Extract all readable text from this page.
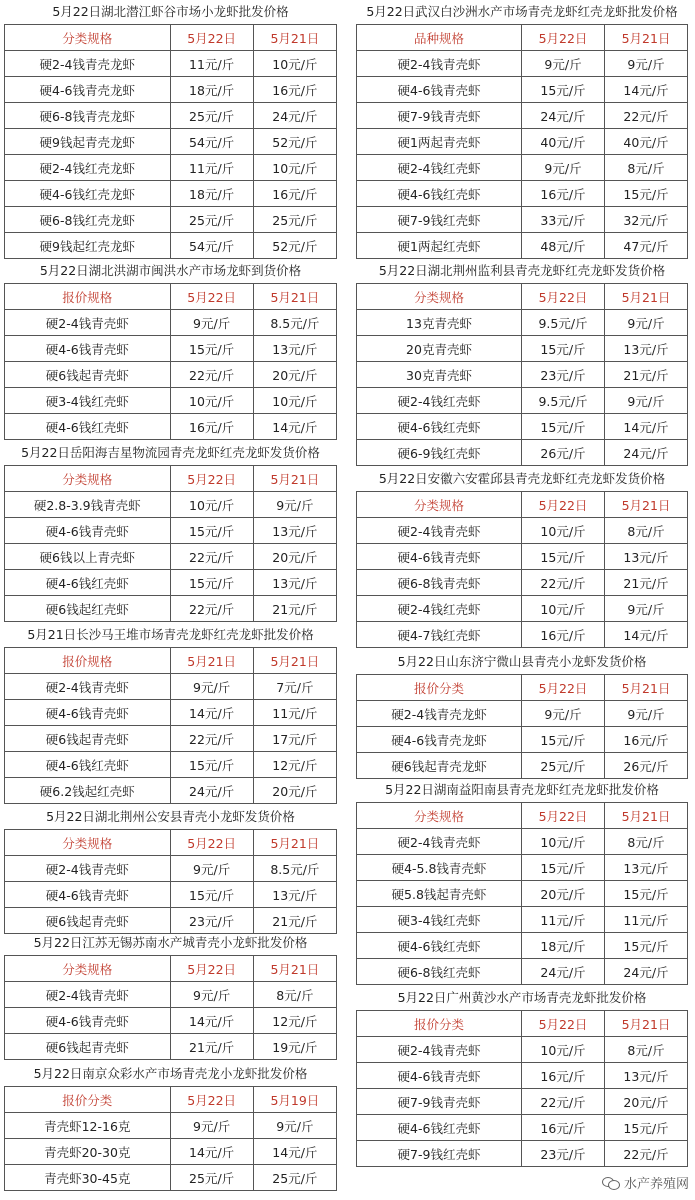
5月22日湖北潜江虾谷市场小龙虾批发价格
分类规格	5月22日	5月21日
硬2-4钱青壳龙虾	11元/斤	10元/斤
硬4-6钱青壳龙虾	18元/斤	16元/斤
硬6-8钱青壳龙虾	25元/斤	24元/斤
硬9钱起青壳龙虾	54元/斤	52元/斤
硬2-4钱红壳龙虾	11元/斤	10元/斤
硬4-6钱红壳龙虾	18元/斤	16元/斤
硬6-8钱红壳龙虾	25元/斤	25元/斤
硬9钱起红壳龙虾	54元/斤	52元/斤
5月22日湖北洪湖市闽洪水产市场龙虾到货价格
报价规格	5月22日	5月21日
硬2-4钱青壳虾	9元/斤	8.5元/斤
硬4-6钱青壳虾	15元/斤	13元/斤
硬6钱起青壳虾	22元/斤	20元/斤
硬3-4钱红壳虾	10元/斤	10元/斤
硬4-6钱红壳虾	16元/斤	14元/斤
5月22日岳阳海吉星物流园青壳龙虾红壳龙虾发货价格
分类规格	5月22日	5月21日
硬2.8-3.9钱青壳虾	10元/斤	9元/斤
硬4-6钱青壳虾	15元/斤	13元/斤
硬6钱以上青壳虾	22元/斤	20元/斤
硬4-6钱红壳虾	15元/斤	13元/斤
硬6钱起红壳虾	22元/斤	21元/斤
5月21日长沙马王堆市场青壳龙虾红壳龙虾批发价格
报价规格	5月21日	5月21日
硬2-4钱青壳虾	9元/斤	7元/斤
硬4-6钱青壳虾	14元/斤	11元/斤
硬6钱起青壳虾	22元/斤	17元/斤
硬4-6钱红壳虾	15元/斤	12元/斤
硬6.2钱起红壳虾	24元/斤	20元/斤
5月22日湖北荆州公安县青壳小龙虾发货价格
分类规格	5月22日	5月21日
硬2-4钱青壳虾	9元/斤	8.5元/斤
硬4-6钱青壳虾	15元/斤	13元/斤
硬6钱起青壳虾	23元/斤	21元/斤
5月22日江苏无锡苏南水产城青壳小龙虾批发价格
分类规格	5月22日	5月21日
硬2-4钱青壳虾	9元/斤	8元/斤
硬4-6钱青壳虾	14元/斤	12元/斤
硬6钱起青壳虾	21元/斤	19元/斤
5月22日南京众彩水产市场青壳龙小龙虾批发价格
报价分类	5月22日	5月19日
青壳虾12-16克	9元/斤	9元/斤
青壳虾20-30克	14元/斤	14元/斤
青壳虾30-45克	25元/斤	25元/斤
5月22日武汉白沙洲水产市场青壳龙虾红壳龙虾批发价格
品种规格	5月22日	5月21日
硬2-4钱青壳虾	9元/斤	9元/斤
硬4-6钱青壳虾	15元/斤	14元/斤
硬7-9钱青壳虾	24元/斤	22元/斤
硬1两起青壳虾	40元/斤	40元/斤
硬2-4钱红壳虾	9元/斤	8元/斤
硬4-6钱红壳虾	16元/斤	15元/斤
硬7-9钱红壳虾	33元/斤	32元/斤
硬1两起红壳虾	48元/斤	47元/斤
5月22日湖北荆州监利县青壳龙虾红壳龙虾发货价格
分类规格	5月22日	5月21日
13克青壳虾	9.5元/斤	9元/斤
20克青壳虾	15元/斤	13元/斤
30克青壳虾	23元/斤	21元/斤
硬2-4钱红壳虾	9.5元/斤	9元/斤
硬4-6钱红壳虾	15元/斤	14元/斤
硬6-9钱红壳虾	26元/斤	24元/斤
5月22日安徽六安霍邱县青壳龙虾红壳龙虾发货价格
分类规格	5月22日	5月21日
硬2-4钱青壳虾	10元/斤	8元/斤
硬4-6钱青壳虾	15元/斤	13元/斤
硬6-8钱青壳虾	22元/斤	21元/斤
硬2-4钱红壳虾	10元/斤	9元/斤
硬4-7钱红壳虾	16元/斤	14元/斤
5月22日山东济宁微山县青壳小龙虾发货价格
报价分类	5月22日	5月21日
硬2-4钱青壳龙虾	9元/斤	9元/斤
硬4-6钱青壳龙虾	15元/斤	16元/斤
硬6钱起青壳龙虾	25元/斤	26元/斤
5月22日湖南益阳南县青壳龙虾红壳龙虾批发价格
分类规格	5月22日	5月21日
硬2-4钱青壳虾	10元/斤	8元/斤
硬4-5.8钱青壳虾	15元/斤	13元/斤
硬5.8钱起青壳虾	20元/斤	15元/斤
硬3-4钱红壳虾	11元/斤	11元/斤
硬4-6钱红壳虾	18元/斤	15元/斤
硬6-8钱红壳虾	24元/斤	24元/斤
5月22日广州黄沙水产市场青壳龙虾批发价格
报价分类	5月22日	5月21日
硬2-4钱青壳虾	10元/斤	8元/斤
硬4-6钱青壳虾	16元/斤	13元/斤
硬7-9钱青壳虾	22元/斤	20元/斤
硬4-6钱红壳虾	16元/斤	15元/斤
硬7-9钱红壳虾	23元/斤	22元/斤
水产养殖网
